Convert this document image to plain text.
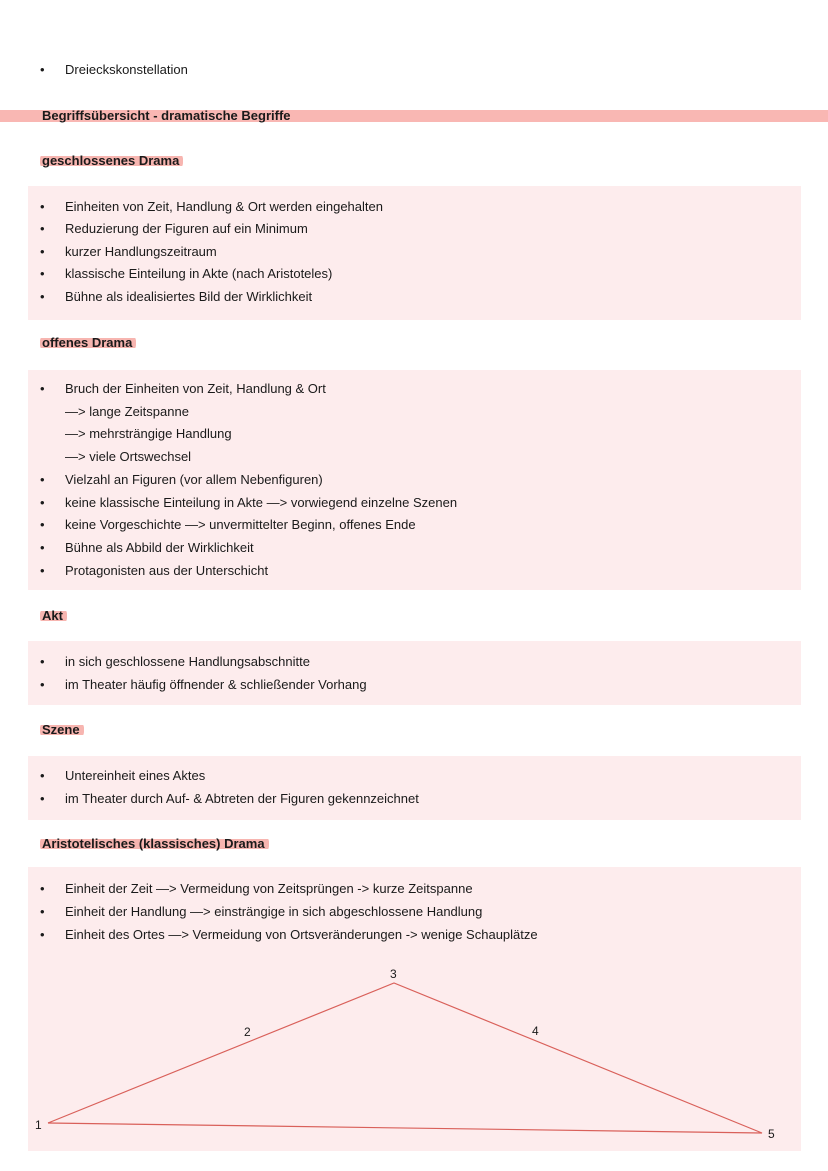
• Dreieckskonstellation
Begriffsübersicht - dramatische Begriffe
geschlossenes Drama
• Einheiten von Zeit, Handlung & Ort werden eingehalten
• Reduzierung der Figuren auf ein Minimum
• kurzer Handlungszeitraum
• klassische Einteilung in Akte (nach Aristoteles)
• Bühne als idealisiertes Bild der Wirklichkeit
offenes Drama
• Bruch der Einheiten von Zeit, Handlung & Ort
—> lange Zeitspanne
—> mehrsträngige Handlung
—> viele Ortswechsel
• Vielzahl an Figuren (vor allem Nebenfiguren)
• keine klassische Einteilung in Akte —> vorwiegend einzelne Szenen
• keine Vorgeschichte —> unvermittelter Beginn, offenes Ende
• Bühne als Abbild der Wirklichkeit
• Protagonisten aus der Unterschicht
Akt
• in sich geschlossene Handlungsabschnitte
• im Theater häufig öffnender & schließender Vorhang
Szene
• Untereinheit eines Aktes
• im Theater durch Auf- & Abtreten der Figuren gekennzeichnet
Aristotelisches (klassisches) Drama
• Einheit der Zeit —> Vermeidung von Zeitsprüngen -> kurze Zeitspanne
• Einheit der Handlung —> einsträngige in sich abgeschlossene Handlung
• Einheit des Ortes —> Vermeidung von Ortsveränderungen -> wenige Schauplätze
1
2
3
4
5
